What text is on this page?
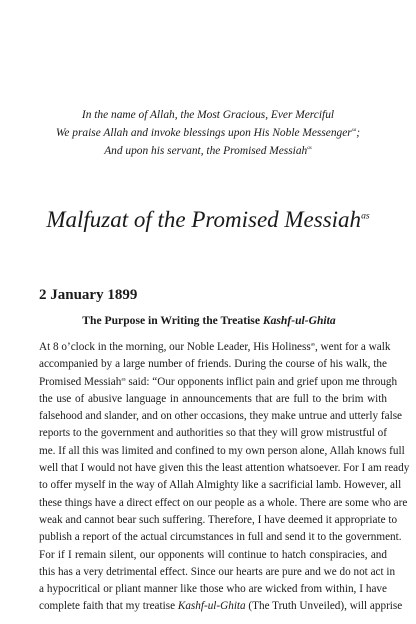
In the name of Allah, the Most Gracious, Ever Merciful
We praise Allah and invoke blessings upon His Noble Messenger$^{sa}$;
And upon his servant, the Promised Messiah$^{as}$
Malfuzat of the Promised Messiah$^{as}$
2 January 1899
The Purpose in Writing the Treatise Kashf-ul-Ghita
At 8 o’clock in the morning, our Noble Leader, His Holiness$^{as}$, went for a walk
accompanied by a large number of friends. During the course of his walk, the
Promised Messiah$^{as}$ said: “Our opponents inflict pain and grief upon me through
the use of abusive language in announcements that are full to the brim with
falsehood and slander, and on other occasions, they make untrue and utterly false
reports to the government and authorities so that they will grow mistrustful of
me. If all this was limited and confined to my own person alone, Allah knows full
well that I would not have given this the least attention whatsoever. For I am ready
to offer myself in the way of Allah Almighty like a sacrificial lamb. However, all
these things have a direct effect on our people as a whole. There are some who are
weak and cannot bear such suffering. Therefore, I have deemed it appropriate to
publish a report of the actual circumstances in full and send it to the government.
For if I remain silent, our opponents will continue to hatch conspiracies, and
this has a very detrimental effect. Since our hearts are pure and we do not act in
a hypocritical or pliant manner like those who are wicked from within, I have
complete faith that my treatise Kashf-ul-Ghita (The Truth Unveiled), will apprise
